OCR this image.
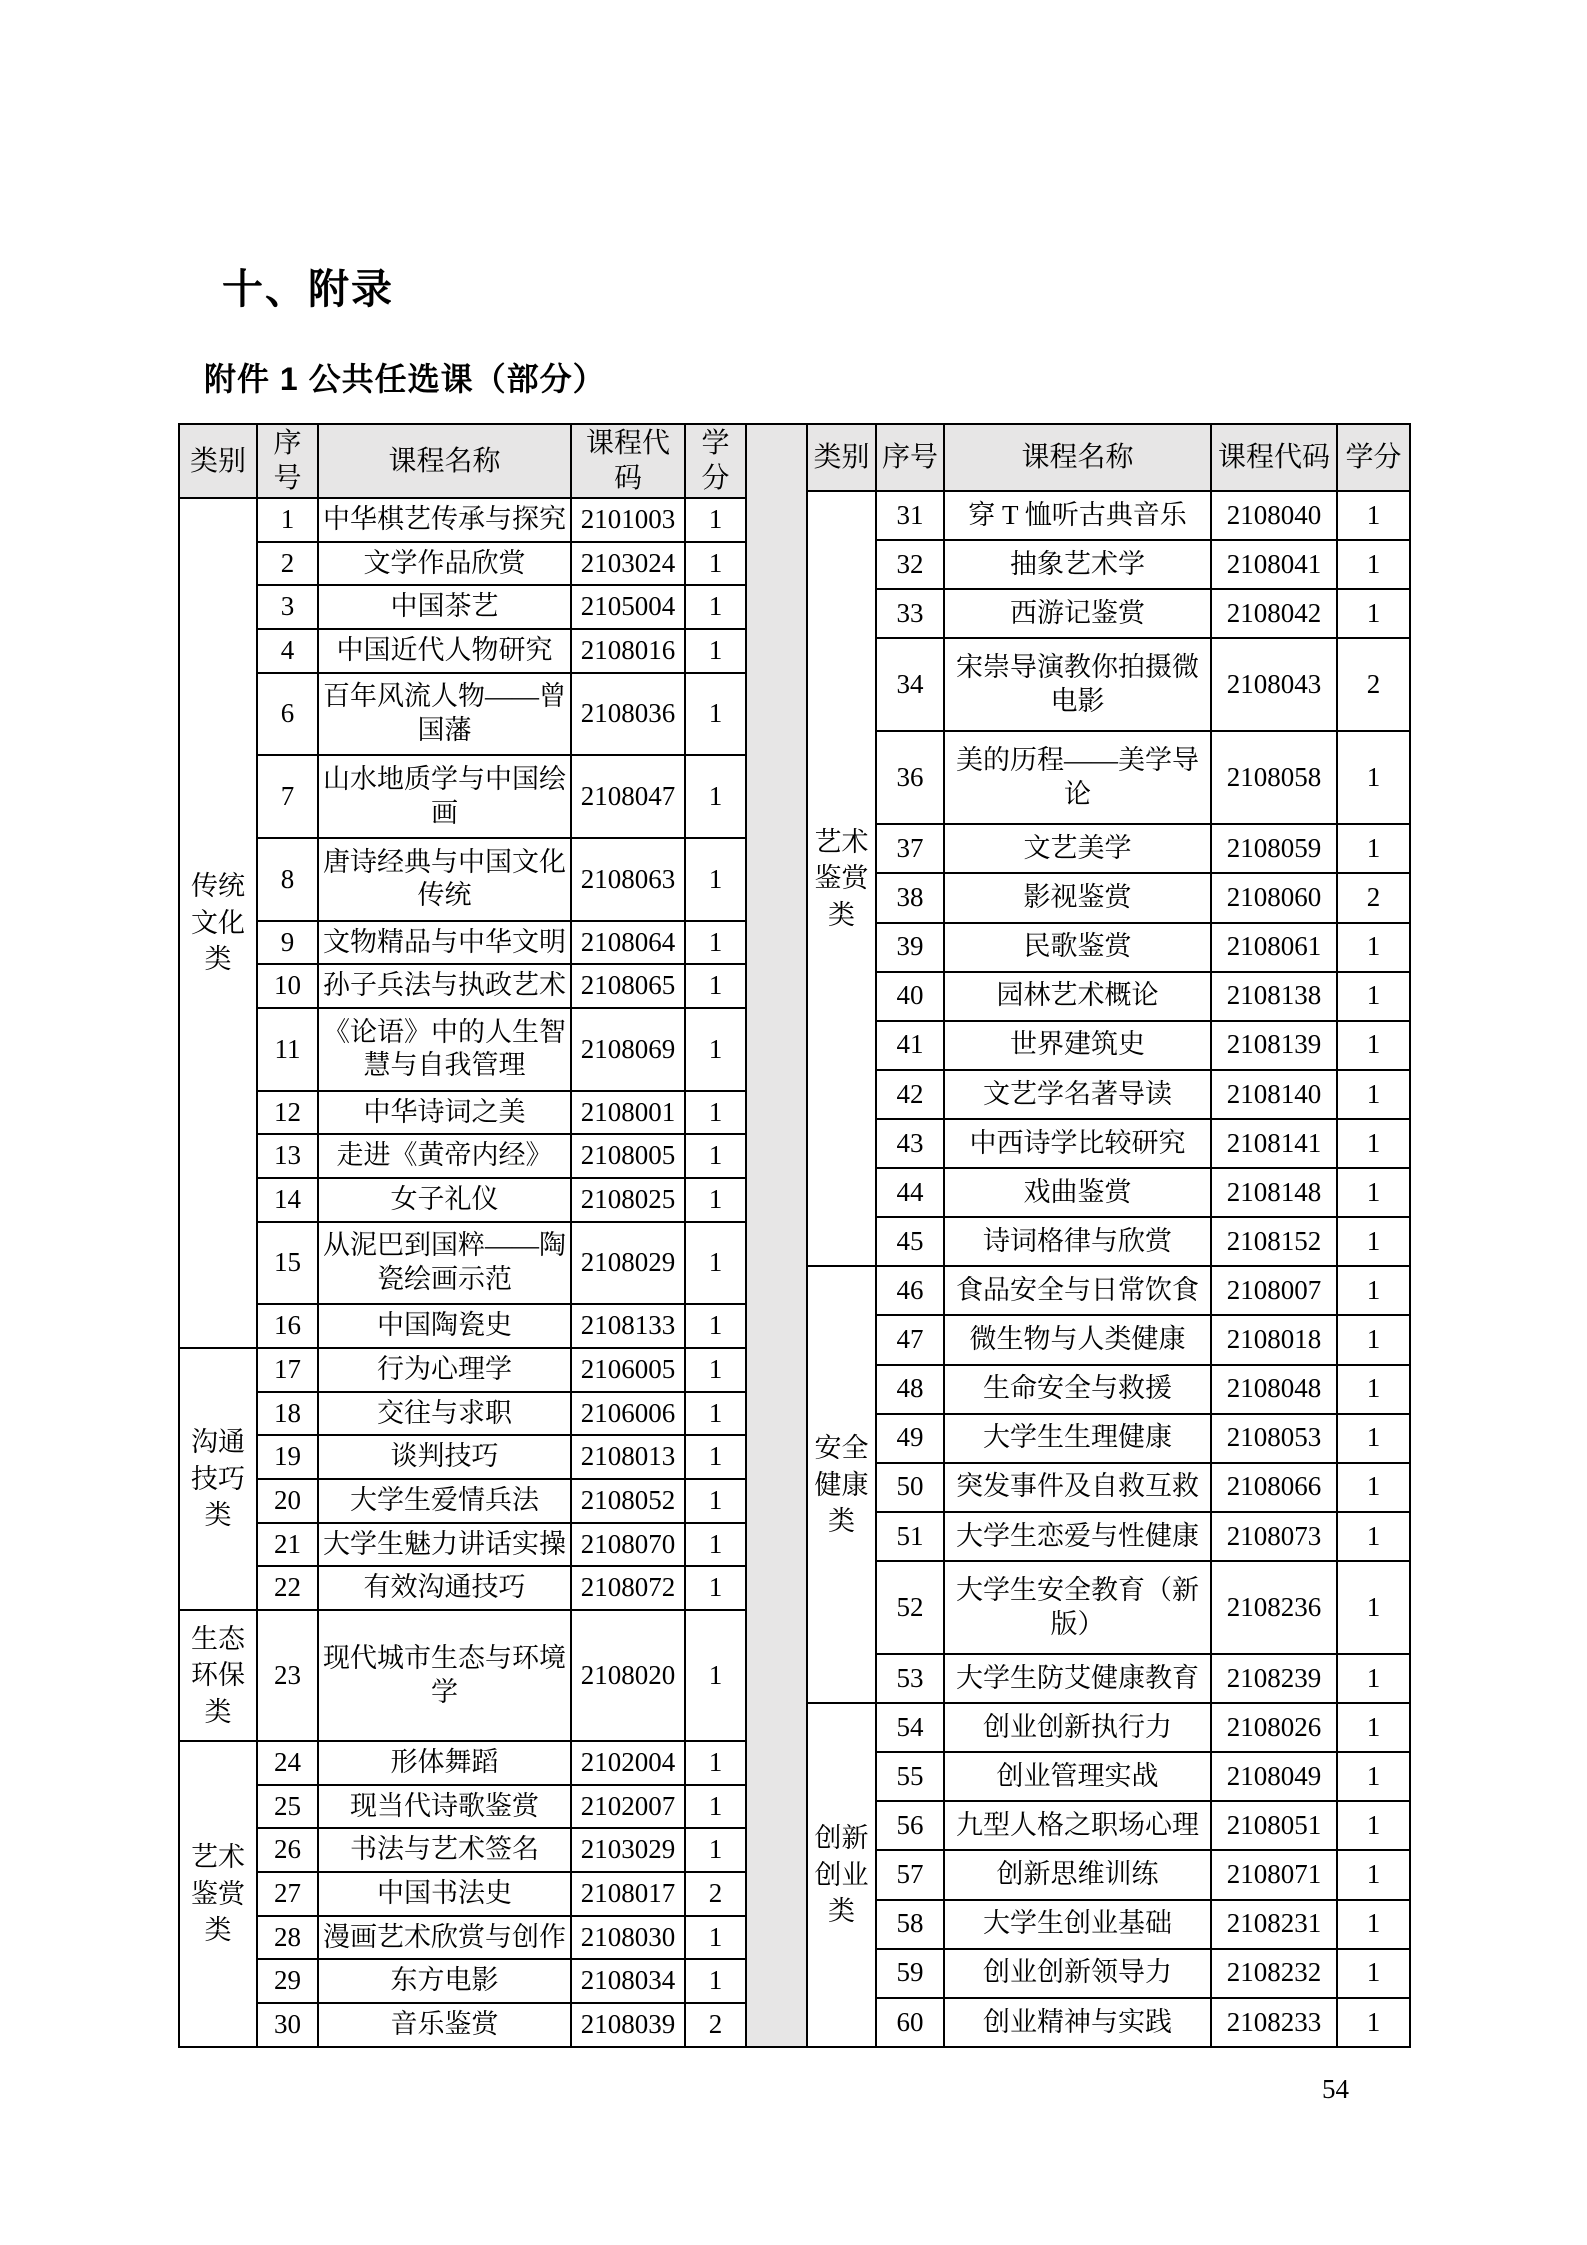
十、附录
附件 1 公共任选课（部分）
类别	序号	课程名称	课程代码	学分
传统文化类	1	中华棋艺传承与探究	2101003	1
	2	文学作品欣赏	2103024	1
	3	中国茶艺	2105004	1
	4	中国近代人物研究	2108016	1
	6	百年风流人物——曾国藩	2108036	1
	7	山水地质学与中国绘画	2108047	1
	8	唐诗经典与中国文化传统	2108063	1
	9	文物精品与中华文明	2108064	1
	10	孙子兵法与执政艺术	2108065	1
	11	《论语》中的人生智慧与自我管理	2108069	1
	12	中华诗词之美	2108001	1
	13	走进《黄帝内经》	2108005	1
	14	女子礼仪	2108025	1
	15	从泥巴到国粹——陶瓷绘画示范	2108029	1
	16	中国陶瓷史	2108133	1
沟通技巧类	17	行为心理学	2106005	1
	18	交往与求职	2106006	1
	19	谈判技巧	2108013	1
	20	大学生爱情兵法	2108052	1
	21	大学生魅力讲话实操	2108070	1
	22	有效沟通技巧	2108072	1
生态环保类	23	现代城市生态与环境学	2108020	1
艺术鉴赏类	24	形体舞蹈	2102004	1
	25	现当代诗歌鉴赏	2102007	1
	26	书法与艺术签名	2103029	1
	27	中国书法史	2108017	2
	28	漫画艺术欣赏与创作	2108030	1
	29	东方电影	2108034	1
	30	音乐鉴赏	2108039	2
类别	序号	课程名称	课程代码	学分
艺术鉴赏类	31	穿 T 恤听古典音乐	2108040	1
	32	抽象艺术学	2108041	1
	33	西游记鉴赏	2108042	1
	34	宋崇导演教你拍摄微电影	2108043	2
	36	美的历程——美学导论	2108058	1
	37	文艺美学	2108059	1
	38	影视鉴赏	2108060	2
	39	民歌鉴赏	2108061	1
	40	园林艺术概论	2108138	1
	41	世界建筑史	2108139	1
	42	文艺学名著导读	2108140	1
	43	中西诗学比较研究	2108141	1
	44	戏曲鉴赏	2108148	1
	45	诗词格律与欣赏	2108152	1
安全健康类	46	食品安全与日常饮食	2108007	1
	47	微生物与人类健康	2108018	1
	48	生命安全与救援	2108048	1
	49	大学生生理健康	2108053	1
	50	突发事件及自救互救	2108066	1
	51	大学生恋爱与性健康	2108073	1
	52	大学生安全教育（新版）	2108236	1
	53	大学生防艾健康教育	2108239	1
创新创业类	54	创业创新执行力	2108026	1
	55	创业管理实战	2108049	1
	56	九型人格之职场心理	2108051	1
	57	创新思维训练	2108071	1
	58	大学生创业基础	2108231	1
	59	创业创新领导力	2108232	1
	60	创业精神与实践	2108233	1
54
